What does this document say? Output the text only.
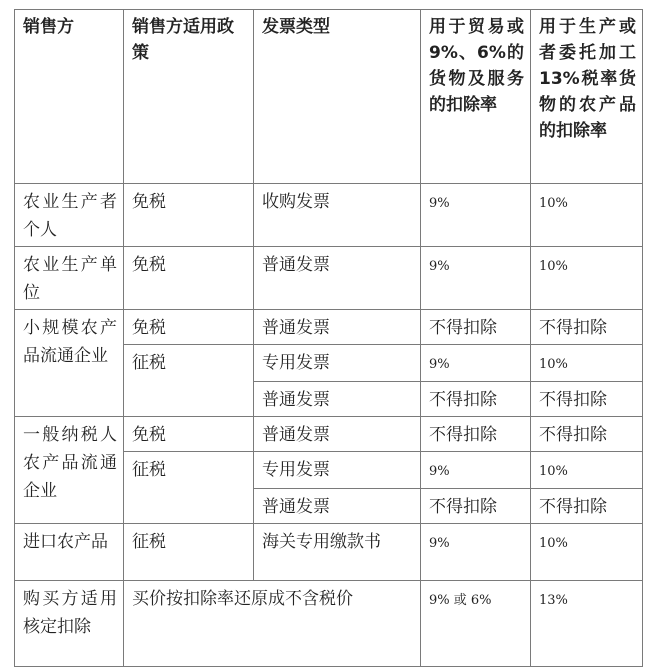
销售方	销售方适用政策	发票类型	用于贸易或 9%、6%的货物及服务的扣除率	用于生产或者委托加工 13%税率货物的农产品的扣除率
农业生产者个人	免税	收购发票	9%	10%
农业生产单位	免税	普通发票	9%	10%
小规模农产品流通企业	免税	普通发票	不得扣除	不得扣除
	征税	专用发票	9%	10%
		普通发票	不得扣除	不得扣除
一般纳税人农产品流通企业	免税	普通发票	不得扣除	不得扣除
	征税	专用发票	9%	10%
		普通发票	不得扣除	不得扣除
进口农产品	征税	海关专用缴款书	9%	10%
购买方适用核定扣除	买价按扣除率还原成不含税价		9% 或 6%	13%
